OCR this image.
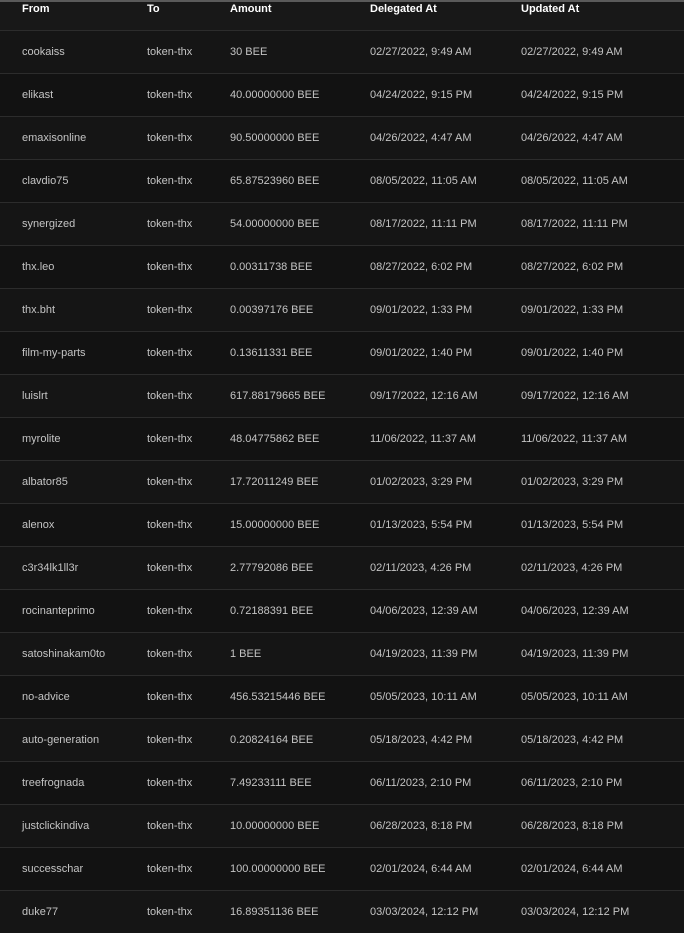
From	To	Amount	Delegated At	Updated At
cookaiss	token-thx	30 BEE	02/27/2022, 9:49 AM	02/27/2022, 9:49 AM
elikast	token-thx	40.00000000 BEE	04/24/2022, 9:15 PM	04/24/2022, 9:15 PM
emaxisonline	token-thx	90.50000000 BEE	04/26/2022, 4:47 AM	04/26/2022, 4:47 AM
clavdio75	token-thx	65.87523960 BEE	08/05/2022, 11:05 AM	08/05/2022, 11:05 AM
synergized	token-thx	54.00000000 BEE	08/17/2022, 11:11 PM	08/17/2022, 11:11 PM
thx.leo	token-thx	0.00311738 BEE	08/27/2022, 6:02 PM	08/27/2022, 6:02 PM
thx.bht	token-thx	0.00397176 BEE	09/01/2022, 1:33 PM	09/01/2022, 1:33 PM
film-my-parts	token-thx	0.13611331 BEE	09/01/2022, 1:40 PM	09/01/2022, 1:40 PM
luislrt	token-thx	617.88179665 BEE	09/17/2022, 12:16 AM	09/17/2022, 12:16 AM
myrolite	token-thx	48.04775862 BEE	11/06/2022, 11:37 AM	11/06/2022, 11:37 AM
albator85	token-thx	17.72011249 BEE	01/02/2023, 3:29 PM	01/02/2023, 3:29 PM
alenox	token-thx	15.00000000 BEE	01/13/2023, 5:54 PM	01/13/2023, 5:54 PM
c3r34lk1ll3r	token-thx	2.77792086 BEE	02/11/2023, 4:26 PM	02/11/2023, 4:26 PM
rocinanteprimo	token-thx	0.72188391 BEE	04/06/2023, 12:39 AM	04/06/2023, 12:39 AM
satoshinakam0to	token-thx	1 BEE	04/19/2023, 11:39 PM	04/19/2023, 11:39 PM
no-advice	token-thx	456.53215446 BEE	05/05/2023, 10:11 AM	05/05/2023, 10:11 AM
auto-generation	token-thx	0.20824164 BEE	05/18/2023, 4:42 PM	05/18/2023, 4:42 PM
treefrognada	token-thx	7.49233111 BEE	06/11/2023, 2:10 PM	06/11/2023, 2:10 PM
justclickindiva	token-thx	10.00000000 BEE	06/28/2023, 8:18 PM	06/28/2023, 8:18 PM
successchar	token-thx	100.00000000 BEE	02/01/2024, 6:44 AM	02/01/2024, 6:44 AM
duke77	token-thx	16.89351136 BEE	03/03/2024, 12:12 PM	03/03/2024, 12:12 PM
